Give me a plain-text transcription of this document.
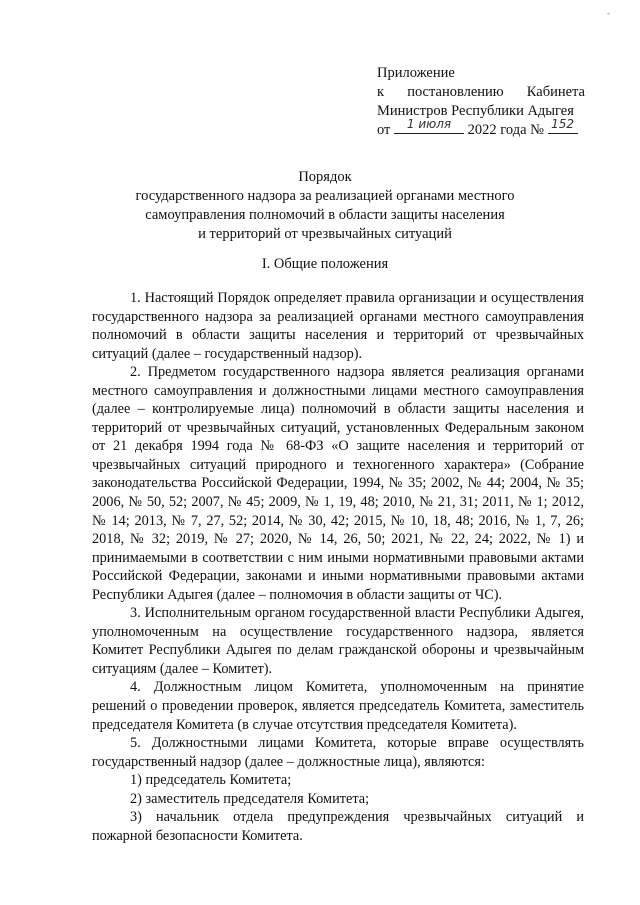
-
Приложение
к постановлению Кабинета
Министров Республики Адыгея
от	1 июля	2022 года № 152
Порядок
государственного надзора за реализацией органами местного
самоуправления полномочий в области защиты населения
и территорий от чрезвычайных ситуаций
I. Общие положения

1. Настоящий Порядок определяет правила организации и осуществления государственного надзора за реализацией органами местного самоуправления полномочий в области защиты населения и территорий от чрезвычайных ситуаций (далее – государственный надзор).

2. Предметом государственного надзора является реализация органами местного самоуправления и должностными лицами местного самоуправления (далее – контролируемые лица) полномочий в области защиты населения и территорий от чрезвычайных ситуаций, установленных Федеральным законом от 21 декабря 1994 года № 68-ФЗ «О защите населения и территорий от чрезвычайных ситуаций природного и техногенного характера» (Собрание законодательства Российской Федерации, 1994, № 35; 2002, № 44; 2004, № 35; 2006, № 50, 52; 2007, № 45; 2009, № 1, 19, 48; 2010, № 21, 31; 2011, № 1; 2012, № 14; 2013, № 7, 27, 52; 2014, № 30, 42; 2015, № 10, 18, 48; 2016, № 1, 7, 26; 2018, № 32; 2019, № 27; 2020, № 14, 26, 50; 2021, № 22, 24; 2022, № 1) и принимаемыми в соответствии с ним иными нормативными правовыми актами Российской Федерации, законами и иными нормативными правовыми актами Республики Адыгея (далее – полномочия в области защиты от ЧС).

3. Исполнительным органом государственной власти Республики Адыгея, уполномоченным на осуществление государственного надзора, является Комитет Республики Адыгея по делам гражданской обороны и чрезвычайным ситуациям (далее – Комитет).

4. Должностным лицом Комитета, уполномоченным на принятие решений о проведении проверок, является председатель Комитета, заместитель председателя Комитета (в случае отсутствия председателя Комитета).

5. Должностными лицами Комитета, которые вправе осуществлять государственный надзор (далее – должностные лица), являются:

1) председатель Комитета;

2) заместитель председателя Комитета;

3) начальник отдела предупреждения чрезвычайных ситуаций и пожарной безопасности Комитета.
